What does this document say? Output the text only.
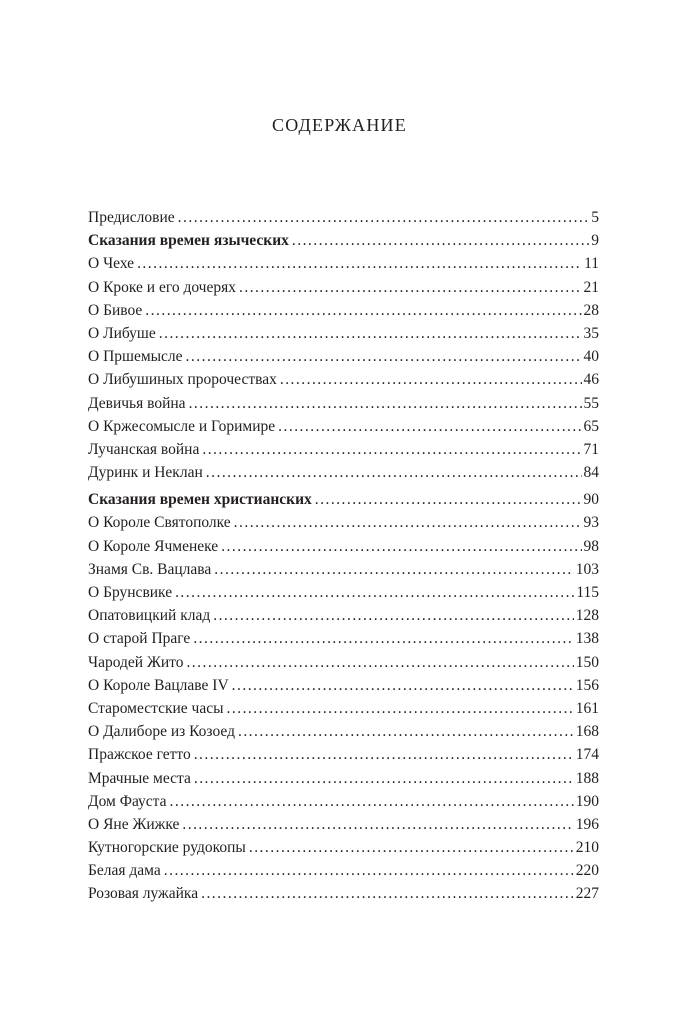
СОДЕРЖАНИЕ
Предисловие . . .	5
Сказания времен языческих . . .	9
О Чехе . . .	11
О Кроке и его дочерях . . .	21
О Бивое . . .	28
О Либуше . . .	35
О Пршемысле . . .	40
О Либушиных пророчествах . . .	46
Девичья война . . .	55
О Кржесомысле и Горимире . . .	65
Лучанская война . . .	71
Дуринк и Неклан . . .	84
Сказания времен христианских . . .	90
О Короле Святополке . . .	93
О Короле Ячменеке . . .	98
Знамя Св. Вацлава . . .	103
О Брунсвике . . .	115
Опатовицкий клад . . .	128
О старой Праге . . .	138
Чародей Жито . . .	150
О Короле Вацлаве IV . . .	156
Староместские часы . . .	161
О Далиборе из Козоед . . .	168
Пражское гетто . . .	174
Мрачные места . . .	188
Дом Фауста . . .	190
О Яне Жижке . . .	196
Кутногорские рудокопы . . .	210
Белая дама . . .	220
Розовая лужайка . . .	227
